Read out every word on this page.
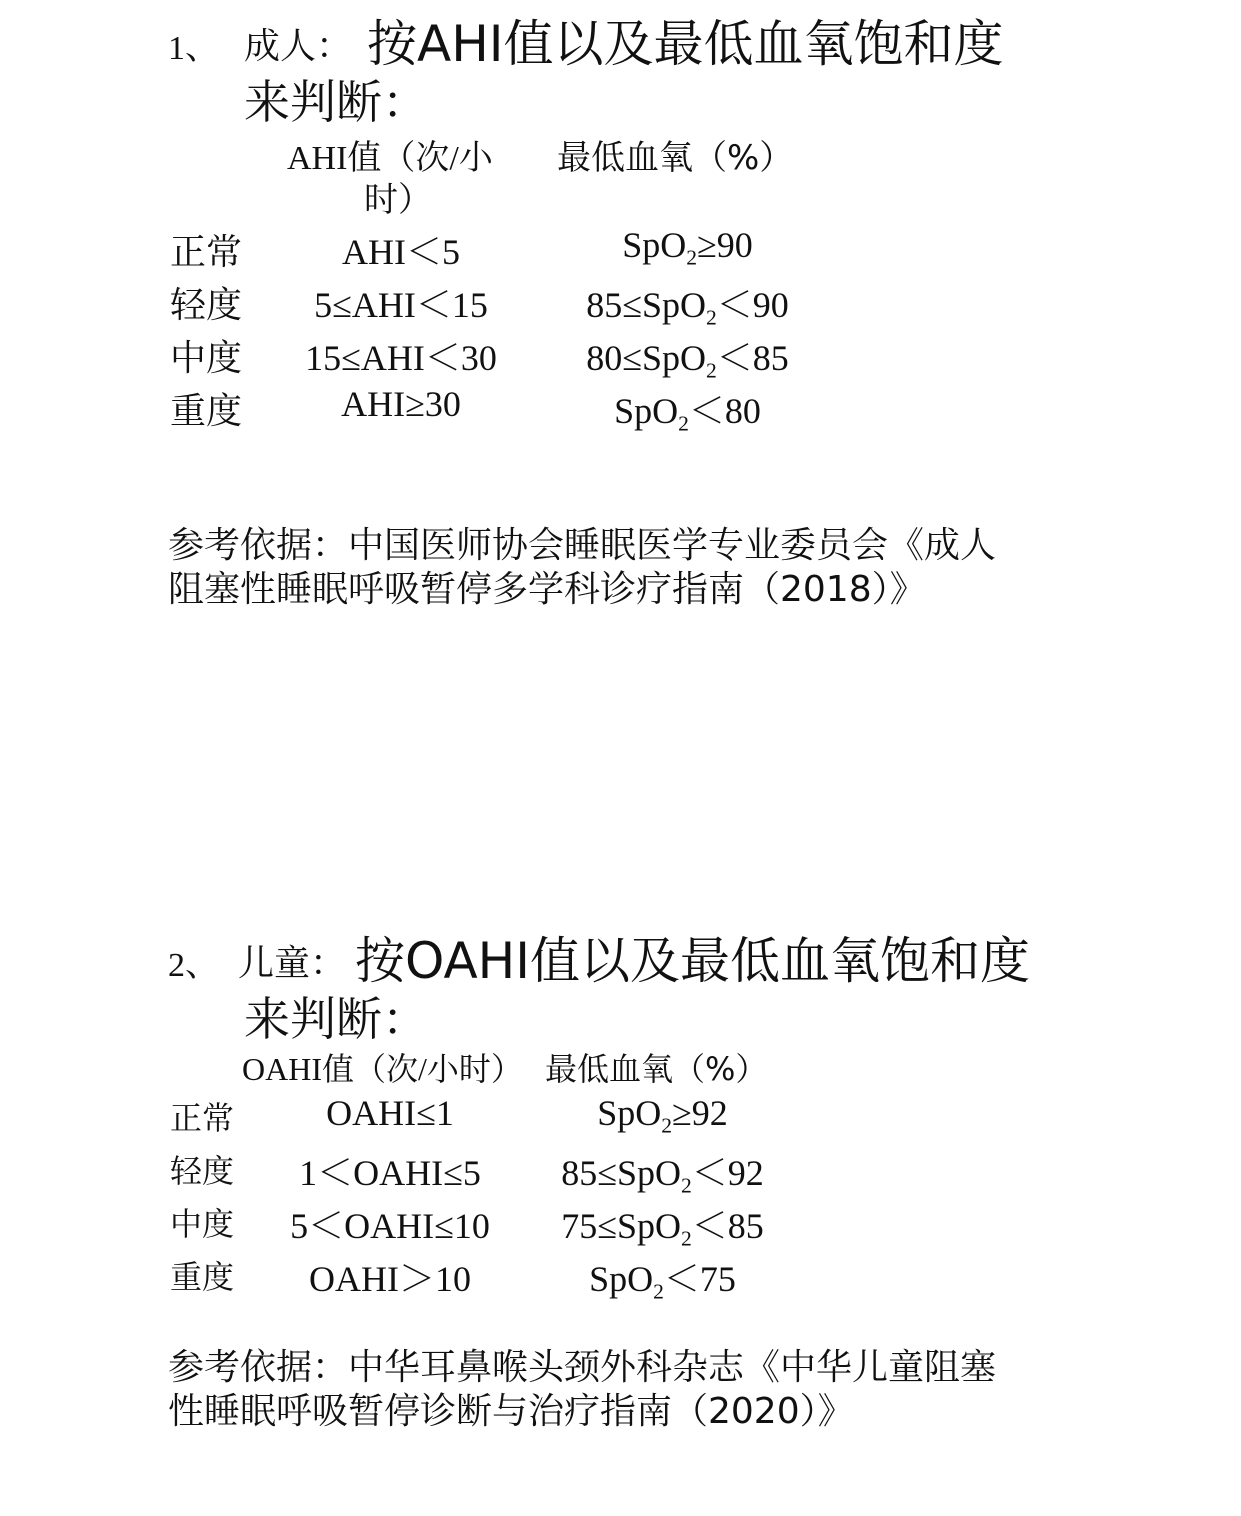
1、 成人： 按AHI值以及最低血氧饱和度
来判断：
AHI值（次/小
时）
最低血氧（%）
正常	AHI＜5	SpO$_2$≥90
轻度	5≤AHI＜15	85≤SpO$_2$＜90
中度	15≤AHI＜30	80≤SpO$_2$＜85
重度	AHI≥30	SpO$_2$＜80
参考依据：中国医师协会睡眠医学专业委员会《成人
阻塞性睡眠呼吸暂停多学科诊疗指南（2018）》
2、 儿童： 按OAHI值以及最低血氧饱和度
来判断：
OAHI值（次/小时） 最低血氧（%）
正常	OAHI≤1	SpO$_2$≥92
轻度	1＜OAHI≤5	85≤SpO$_2$＜92
中度	5＜OAHI≤10	75≤SpO$_2$＜85
重度	OAHI＞10	SpO$_2$＜75
参考依据：中华耳鼻喉头颈外科杂志《中华儿童阻塞
性睡眠呼吸暂停诊断与治疗指南（2020）》
